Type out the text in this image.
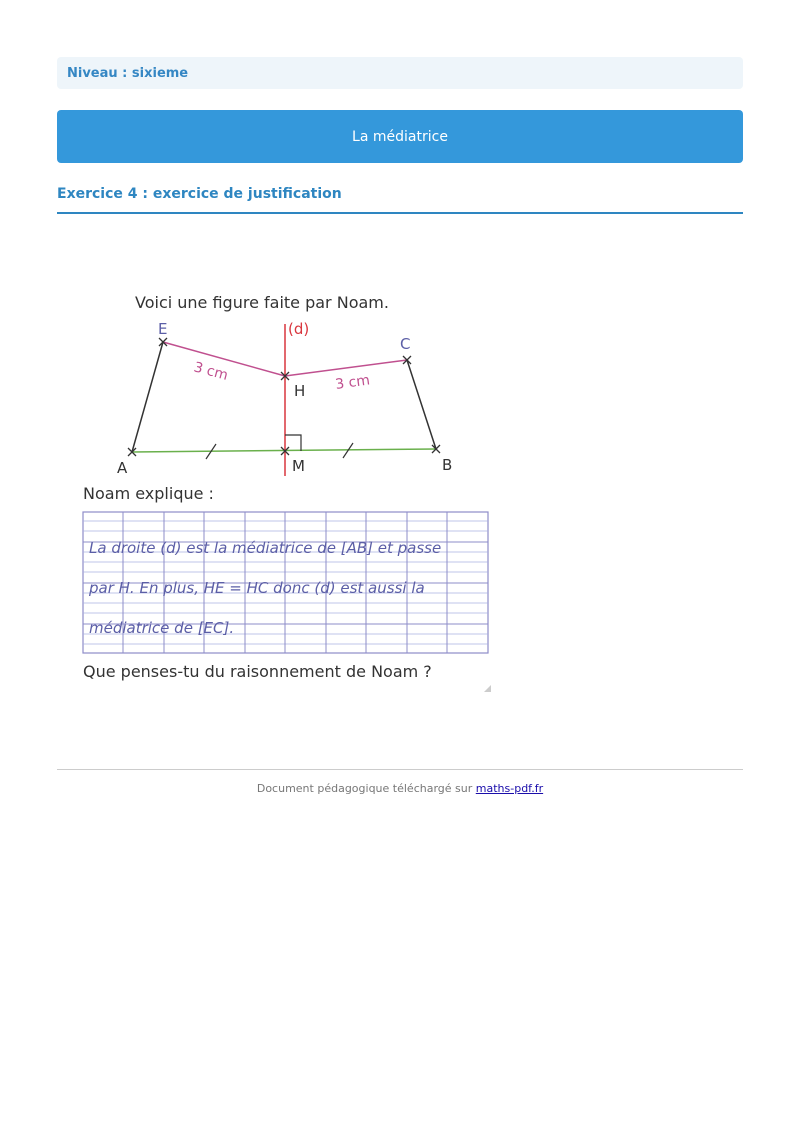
Niveau : sixieme
La médiatrice
Exercice 4 : exercice de justification
Voici une figure faite par Noam.
(d)
E
C
H
A	M	B
3 cm	3 cm
Noam explique :
La droite (d) est la médiatrice de [AB] et passe
par H. En plus, HE = HC donc (d) est aussi la
médiatrice de [EC].
Que penses-tu du raisonnement de Noam ?
Document pédagogique téléchargé sur maths-pdf.fr
